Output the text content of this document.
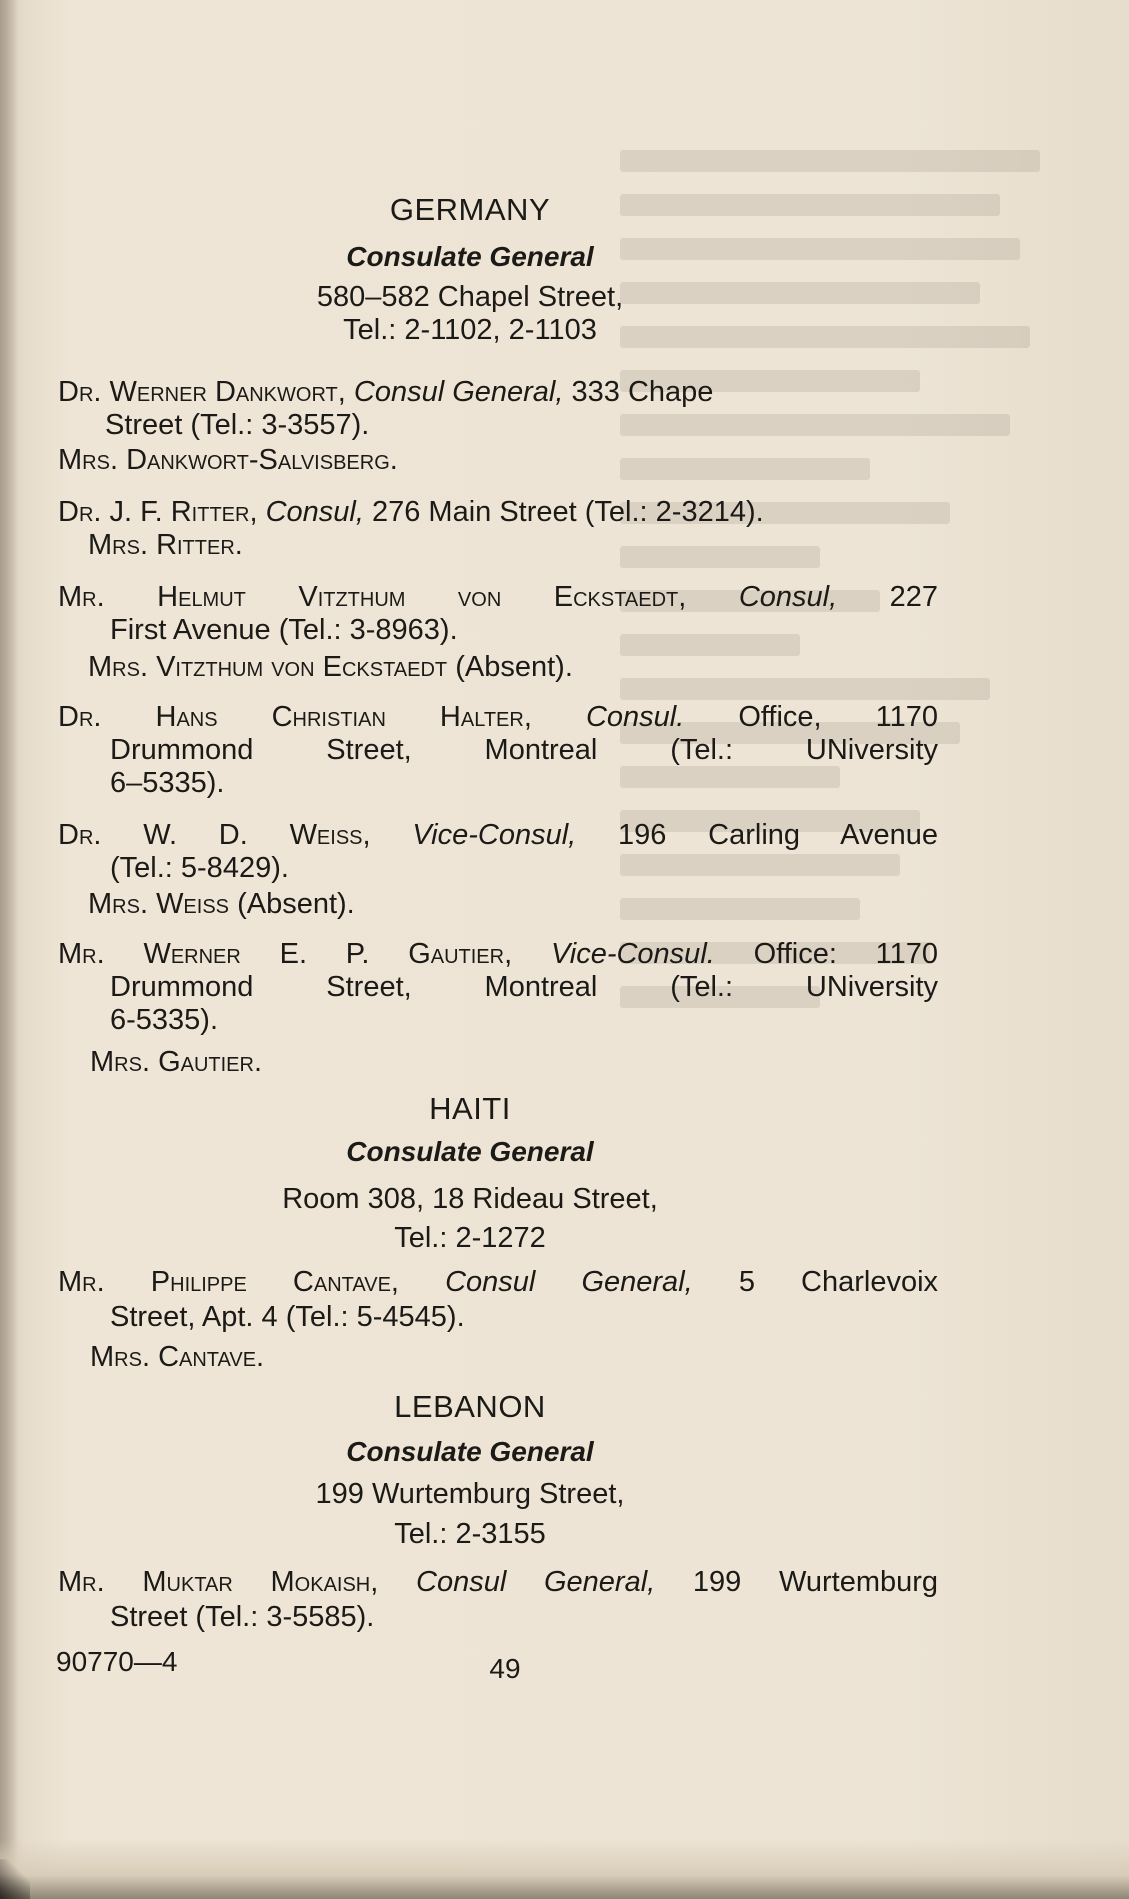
GERMANY
Consulate General
580–582 Chapel Street,
Tel.: 2-1102, 2-1103
Dr. Werner Dankwort, Consul General, 333 Chape
Street (Tel.: 3-3557).
Mrs. Dankwort-Salvisberg.
Dr. J. F. Ritter, Consul, 276 Main Street (Tel.: 2-3214).
Mrs. Ritter.
Mr. Helmut Vitzthum von Eckstaedt, Consul, 227
First Avenue (Tel.: 3-8963).
Mrs. Vitzthum von Eckstaedt (Absent).
Dr. Hans Christian Halter, Consul. Office, 1170
Drummond Street, Montreal (Tel.: UNiversity
6–5335).
Dr. W. D. Weiss, Vice-Consul, 196 Carling Avenue
(Tel.: 5-8429).
Mrs. Weiss (Absent).
Mr. Werner E. P. Gautier, Vice-Consul. Office: 1170
Drummond Street, Montreal (Tel.: UNiversity
6-5335).
Mrs. Gautier.
HAITI
Consulate General
Room 308, 18 Rideau Street,
Tel.: 2-1272
Mr. Philippe Cantave, Consul General, 5 Charlevoix
Street, Apt. 4 (Tel.: 5-4545).
Mrs. Cantave.
LEBANON
Consulate General
199 Wurtemburg Street,
Tel.: 2-3155
Mr. Muktar Mokaish, Consul General, 199 Wurtemburg
Street (Tel.: 3-5585).
90770—4	49
